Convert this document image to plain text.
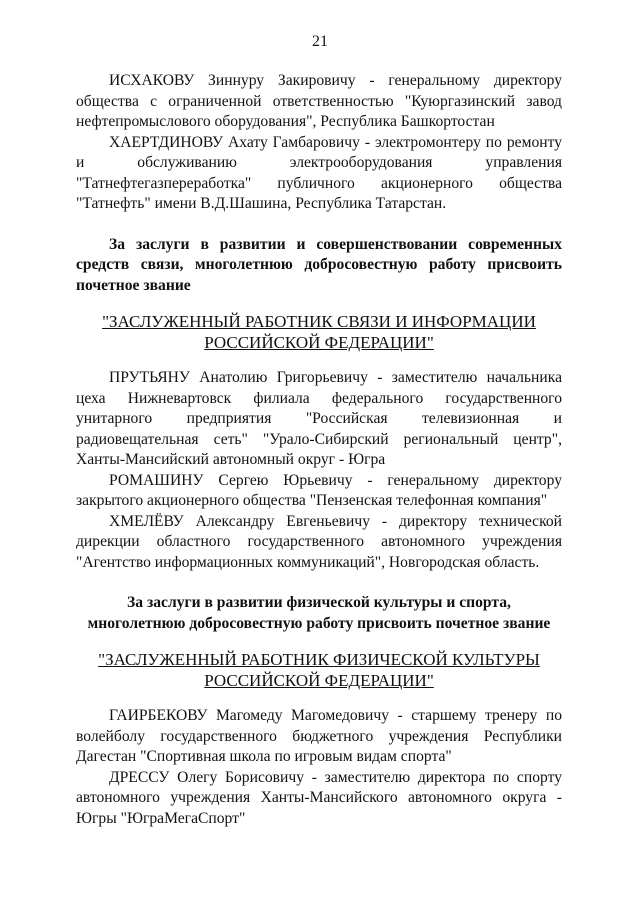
21

ИСХАКОВУ Зиннуру Закировичу - генеральному директору общества с ограниченной ответственностью "Куюргазинский завод нефтепромыслового оборудования", Республика Башкортостан

ХАЕРТДИНОВУ Ахату Гамбаровичу - электромонтеру по ремонту и обслуживанию электрооборудования управления "Татнефтегазпереработка" публичного акционерного общества "Татнефть" имени В.Д.Шашина, Республика Татарстан.

За заслуги в развитии и совершенствовании современных средств связи, многолетнюю добросовестную работу присвоить почетное звание

"ЗАСЛУЖЕННЫЙ РАБОТНИК СВЯЗИ И ИНФОРМАЦИИ
РОССИЙСКОЙ ФЕДЕРАЦИИ"

ПРУТЬЯНУ Анатолию Григорьевичу - заместителю начальника цеха Нижневартовск филиала федерального государственного унитарного предприятия "Российская телевизионная и радиовещательная сеть" "Урало-Сибирский региональный центр", Ханты-Мансийский автономный округ - Югра

РОМАШИНУ Сергею Юрьевичу - генеральному директору закрытого акционерного общества "Пензенская телефонная компания"

ХМЕЛЁВУ Александру Евгеньевичу - директору технической дирекции областного государственного автономного учреждения "Агентство информационных коммуникаций", Новгородская область.

За заслуги в развитии физической культуры и спорта,
многолетнюю добросовестную работу присвоить почетное звание

"ЗАСЛУЖЕННЫЙ РАБОТНИК ФИЗИЧЕСКОЙ КУЛЬТУРЫ
РОССИЙСКОЙ ФЕДЕРАЦИИ"

ГАИРБЕКОВУ Магомеду Магомедовичу - старшему тренеру по волейболу государственного бюджетного учреждения Республики Дагестан "Спортивная школа по игровым видам спорта"

ДРЕССУ Олегу Борисовичу - заместителю директора по спорту автономного учреждения Ханты-Мансийского автономного округа - Югры "ЮграМегаСпорт"
